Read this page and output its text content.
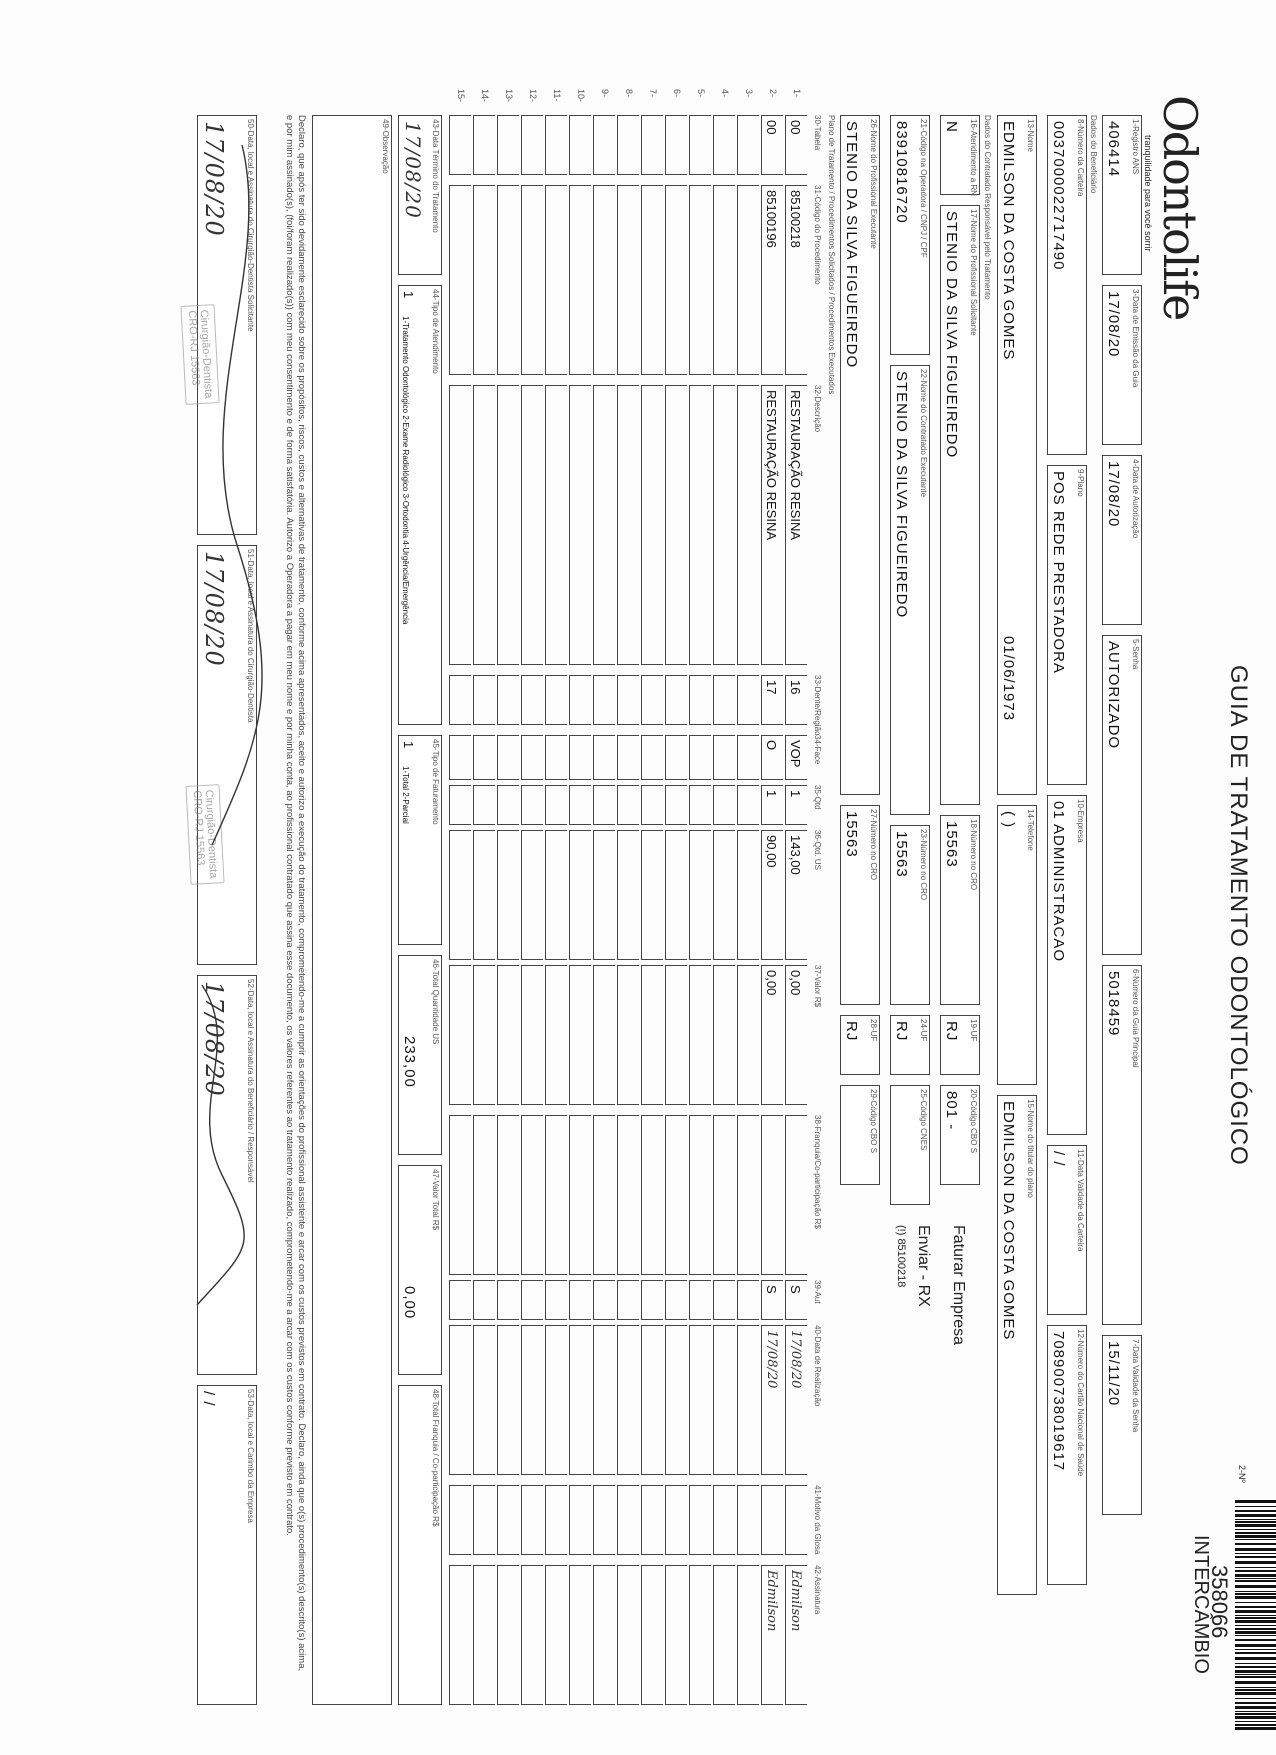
Odontolife
tranquilidade para você sorrir
GUIA DE TRATAMENTO ODONTOLÓGICO
2-Nº
358066
INTERCÂMBIO
1-Registro ANS
406414
3-Data de Emissão da Guia
17/08/20
4-Data de Autorização
17/08/20
5-Senha
AUTORIZADO
6-Número da Guia Principal
5018459
7-Data Validade da Senha
15/11/20
Dados do Beneficiário
8-Número da Carteira
0037000022717490
9-Plano
POS REDE PRESTADORA
10-Empresa
01 ADMINISTRACAO
11-Data Validade da Carteira
/ /
12-Número do Cartão Nacional de Saúde
708900738019617
13-Nome
EDMILSON DA COSTA GOMES
01/06/1973
14-Telefone
( )
15-Nome do titular do plano
EDMILSON DA COSTA GOMES
Dados do Contratado Responsável pelo Tratamento
16-Atendimento a RN
N
17-Nome do Profissional Solicitante
STENIO DA SILVA FIGUEIREDO
18-Número no CRO
15563
19-UF
RJ
20-Código CBO S
801 -
21-Código na Operadora / CNPJ / CPF
83910816720
22-Nome do Contratado Executante
STENIO DA SILVA FIGUEIREDO
23-Número no CRO
15563
24-UF
RJ
25-Código CNES
26-Nome do Profissional Executante
STENIO DA SILVA FIGUEIREDO
27-Número no CRO
15563
28-UF
RJ
29-Código CBO S
Faturar Empresa
Enviar - RX
(!) 85100218
Plano de Tratamento / Procedimentos Solicitados / Procedimentos Executados
30-Tabela
31-Código do Procedimento
32-Descrição
33-Dente/Região
34-Face
35-Qtd
36-Qtd. US
37-Valor R$
38-Franquia/Co-participação R$
39-Aut
40-Data de Realização
41-Motivo da Glosa
42-Assinatura
1-
00
85100218
RESTAURAÇÃO RESINA
16
VOP
1
143,00
0,00
S
17/08/20
Edmilson
2-
00
85100196
RESTAURAÇÃO RESINA
17
O
1
90,00
0,00
S
17/08/20
Edmilson
3-
4-
5-
6-
7-
8-
9-
10-
11-
12-
13-
14-
15-
43-Data Término do Tratamento
17/08/20
44-Tipo de Atendimento
1
1-Tratamento Odontológico 2-Exame Radiológico 3-Ortodontia 4-Urgência/Emergência
45-Tipo de Faturamento
1
1-Total 2-Parcial
46-Total Quantidade US
233,00
47-Valor Total R$
0,00
48-Total Franquia / Co-participação R$
49-Observação
Declaro, que após ter sido devidamente esclarecido sobre os propósitos, riscos, custos e alternativas de tratamento, conforme acima apresentados, aceito e autorizo a execução do tratamento, comprometendo-me a cumprir as orientações do profissional assistente e arcar com os custos previstos em contrato. Declaro, ainda que o(s) procedimento(s) descrito(s) acima, e por mim assinado(s), (foi/foram realizado(s)) com meu consentimento e de forma satisfatória. Autorizo a Operadora a pagar em meu nome e por minha conta, ao profissional contratado que assina esse documento, os valores referentes ao tratamento realizado, comprometendo-me a arcar com os custos conforme previsto em contrato.
50-Data, local e Assinatura do Cirurgião-Dentista Solicitante
17/08/20
51-Data, local e Assinatura do Cirurgião-Dentista
17/08/20
52-Data, local e Assinatura do Beneficiário / Responsável
17/08/20
53-Data, local e Carimbo da Empresa
/ /
Cirurgião-Dentista
CRO-RJ 15563
Cirurgião-Dentista
CRO-RJ 15563
